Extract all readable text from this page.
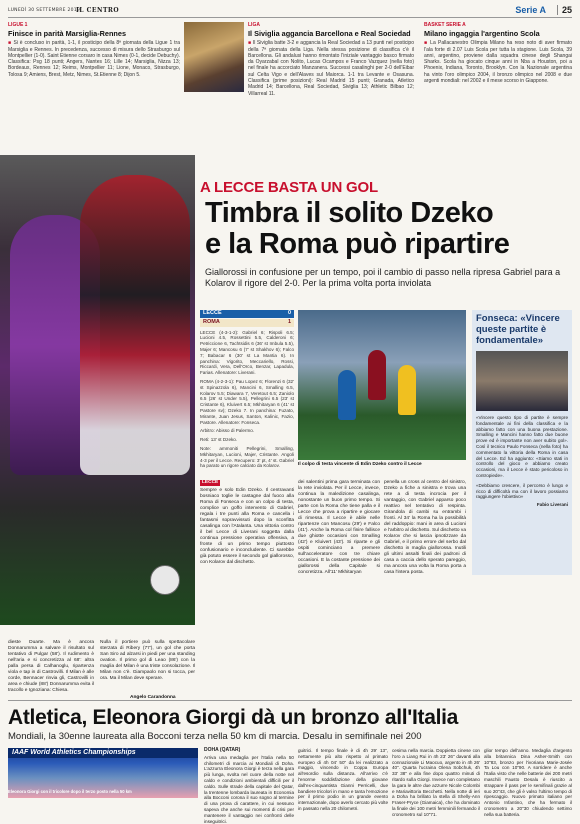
LUNEDÌ 30 SETTEMBRE 2019
IL CENTRO	Serie A	25
LIGUE 1
Finisce in parità Marsiglia-Rennes
■ Si è concluso in parità, 1-1, il posticipo della 8ª giornata della Ligue 1 tra Marsiglia e Rennes. In precedenza, successo di misura dello Strasburgo sul Montpellier (1-0). Saint Etienne corsaro in casa Nimes (0-1, decide Debuchy). Classifica: Psg 18 punti; Angers, Nantes 16; Lille 14; Marsiglia, Nizza 13; Bordeaux, Rennes 12; Reims, Montpellier 11; Lione, Monaco, Strasburgo, Tolosa 9; Amiens, Brest, Metz, Nimes, St.Etienne 8; Dijon 5.
LIGA
Il Siviglia aggancia Barcellona e Real Sociedad
■ Il Siviglia batte 3-2 e aggancia la Real Sociedad a 13 punti nel posticipo della 7ª giornata della Liga. Nella stessa posizione di classifica c'è il Barcellona. Gli andalusi hanno rimontato l'iniziale vantaggio basco firmato da Oyarzabal con Nolito, Lucas Ocampos e Franco Vazquez (nella foto) nel finale ha accorciato Manzanera. Successi casalinghi per 2-0 dell'Eibar sul Celta Vigo e dell'Alaves sul Maiorca. 1-1 tra Levante e Osasuna. Classifica (prime posizioni): Real Madrid 15 punti; Granada, Atletico Madrid 14; Barcellona, Real Sociedad, Siviglia 13; Athletic Bilbao 12; Villarreal 11.
BASKET SERIE A
Milano ingaggia l'argentino Scola
■ La Pallacanestro Olimpia Milano ha reso noto di aver firmato l'ala forte di 2.07 Luis Scola per tutta la stagione. Luis Scola, 39 anni, argentino, proviene dalla squadra cinese degli Shangai Sharks. Scola ha giocato cinque anni in Nba a Houston, poi a Phoenix, Indiana, Toronto, Brooklyn. Con la Nazionale argentina ha vinto l'oro olimpico 2004, il bronzo olimpico nel 2008 e due argenti mondiali: nel 2002 e il mese scorso in Giappone.
A LECCE BASTA UN GOL
Timbra il solito Dzeko
e la Roma può ripartire
Giallorossi in confusione per un tempo, poi il cambio di passo nella ripresa Gabriel para a Kolarov il rigore del 2-0. Per la prima volta porta inviolata
LECCE	0
ROMA	1
LECCE (4-3-1-2): Gabriel 6; Rispoli 6.5; Lucioni 4.5, Rossettini 5.5, Calderoni 6; Petriccione 6, Tachtsidis 6 (36' st Imbula 5.5), Majer 6; Mancosu 6 (7' st Shakhov 6); Falco 7; Babacar 6 (30' st La Mantia 6). In panchina: Vigorito, Meccariello, Rossi, Riccardi, Vera, Dell'Orco, Benzar, Lapadula, Farias. Allenatore: Liverani.
ROMA (4-2-3-1): Pau Lopez 6; Florenzi 6 (32' st Spinazzola 6), Mancini 6, Smalling 6.5, Kolarov 5.5; Diawara 7, Veretout 6.5; Zaniolo 6.5 (26' st Under 5.5), Pellegrini 6.5 (23' st Cristante 6), Kluivert 6.5; Mkhitaryan 6 (41' st Pastore sv); Dzeko 7. In panchina: Fuzato, Mirante, Juan Jesus, Santon, Kalinic, Fazio, Pastore. Allenatore: Fonseca.
Arbitro: Abisso di Palermo.
Reti: 13' st Dzeko.
Note: ammoniti Pellegrini, Smalling, Mkhitaryan, Lucioni, Majer, Cristante. Angoli 4-3 per il Lecce. Recupero: 3' pt, 4' st. Gabriel ha parato un rigore calciato da Kolarov.	Il colpo di testa vincente di Edin Dzeko contro il Lecce
Fonseca: «Vincere queste partite è fondamentale»
«Vincere questo tipo di partite è sempre fondamentale ai fini della classifica e la abbiamo fatto con una buona prestazione. Smalling e Mancini hanno fatto due buone prove ed è importante non aver subito gol». Così il tecnico Paulo Fonseca (nella foto) ha commentato la vittoria della Roma in casa del Lecce. Ed ha aggiunto: «Siamo stati in controllo del gioco e abbiamo creato occasioni, ma il Lecce è stato pericoloso in contropiede».
«Debbiamo crescere, il percorso è lungo e ricco di difficoltà ma con il lavoro possiamo raggiungere l'obiettivo»
Fabio Liverani
LECCE
Sempre e solo Edin Dzeko. Il centravanti bosniaco toglie le castagne dal fuoco alla Roma di Fonseca e con un colpo di testa, complice un goffo intervento di Gabriel, regala i tre punti alla Roma e cancella i fantasmi sopravvissuti dopo la sconfitta casalinga con l'Atalanta. Una vittoria contro il bel Lecce di Liverani soggetta dalla continua pressione operativa offensiva, a fronte di un primo tempo piuttosto confusionario e inconcludente. Ci sarebbe già potuto essere il secondo gol giallorosso, con Kolarov dal dischetto.
dei salentini prima gara terminata con la rete inviolata. Per il Lecce, invece, continua la maledizione casalinga, nonostante un buon primo tempo. Si parte con la Roma che tiene palla e il Lecce che prova a ripartire e giocare di rimessa. Il Lecce è abile nelle ripartenze con Mancosu (29') e Falco (41'). Anche la Roma col finire fallisce due ghiotte occasioni con Smalling (42') e Kluivert (43'). Si riparte e gli ospiti cominciano a premere sull'acceleratore con tre chiare occasioni. E la costante pressione dei giallorossi della Capitale si concretizza. All'11' Mkhitaryan
penella un cross al centro del sinistro, Dzeko a fiche a sinistra e trova una rete a di testa incrocia per il vantaggio, con Gabriel apparso poco reattivo nel tentativo di respinta. Girandola di cambi su entrambi i fronti. Al 34' la Roma ha la possibilità del raddoppio: mani in area di Lucioni e l'arbitro al dischetto. Sul dischetto va Kolarov che si lascia ipnotizzare da Gabriel, e il primo errore del serbo dal dischetto in maglia giallorossa. Inutili gli ultimi assalti finali dei padroni di casa a caccia dello sperato pareggio, ma ancora una volta la Roma porta a casa l'intera posta.
dieste Duarte. Ma è ancora Donnarumma a salvare il risultato sul tentativo di Pulgar (58'). Il rudimento è nell'aria e si concretizza al 68': altra palla persa di Calhanoglu, ripartenza viola e tap in di Castrovilli. Il Milan è alle corde, Bennacer rinvia gli, Castrovilli in area e chiude (88') Donnarumma evita il tracollo e Ignoziana: Chiesa.
Nulla il portiere può sulla spettacolare sterzata di Ribery (77'), un gol che porta San Siro ad alzarsi in piedi per una standing ovation. Il primo gol di Leao (86') con la maglia del Milan è una triste consolazione. Il Milan non c'è. Giampaolo non si tocca, per ora. Ma il Milan deve sperare.
Angelo Carandonna
Atletica, Eleonora Giorgi dà un bronzo all'Italia
Mondiali, la 30enne laureata alla Bocconi terza nella 50 km di marcia. Desalu in semifinale nei 200
IAAF World Athletics Championships
Eleonora Giorgi con il tricolore dopo il terzo posto nella 50 km
DOHA (QATAR)
Arriva una medaglia per l'Italia nella 50 chilometri di marcia ai Mondiali di Doha. L'azzurra Eleonora Giorgi è terza nella gara più lunga, svolta nel cuore della notte nel caldo e condizioni ambientali difficili per il caldo. Sulle strade della capitale del Qatar, la trentenne lombarda laureata in Economia alla Bocconi corona il suo sogno al termine di una prova di carattere, in cui nessuno sapeva che anche sui momenti di crisi per mantenere il vantaggio nei confronti delle inseguitrici.
guitrici. Il tempo finale è di 4h 29' 13", nettamente più alto rispetto al primato europeo di 4h 04' 50" da lei realizzato a maggio, vincendo in Coppa Europa all'esordio sulla distanza. All'arrivo c'è l'enorme soddisfazione della giovane dall'ex-cinquantista Gianni Perricelli, due bandiere tricolori in mano e tanta l'emozione per il primo podio in un grande evento internazionale, dopo averlo cercato più volte in passato nella 20 chilometri.
cesima nella marcia. Doppietta cinese con l'oro a Liang Rui in 4h 23' 26" davanti alla connazionale Li Maocuo, argento in 4h 26' 40". Quarta l'ucraina Olena Sobchuk, 4h 33' 38" e alla fine dopo quattro minuti di ritardo sulla Giorgi. Invece non completano la gara le altre due azzurre Nicole Colombi e Mariavittoria Becchetti. Nella notte di ieri a Doha ha brillato la stella di Shelly-Ann Fraser-Pryce (Giamaica), che ha dominato la finale dei 100 metri femminili fermando il cronometro sul 10"71.
glior tempo dell'anno. Medaglia d'argento alla britannica Dina Asher-Smith con 10"83, bronzo per l'ivoriana Marie-Josée Ta Lou con 10"90. A sorridere è anche l'Italia visto che nelle batterie dei 200 metri maschili Fausto Desalu è riuscito a strappare il pass per le semifinali grazie al suo 20"43, che gli è valso l'ultimo tempo di ripescaggio. Nuovo primato italiano per Antonio Infantino, che ha fermato il cronometro a 20"30 chiudendo settimo nella sua batteria.
